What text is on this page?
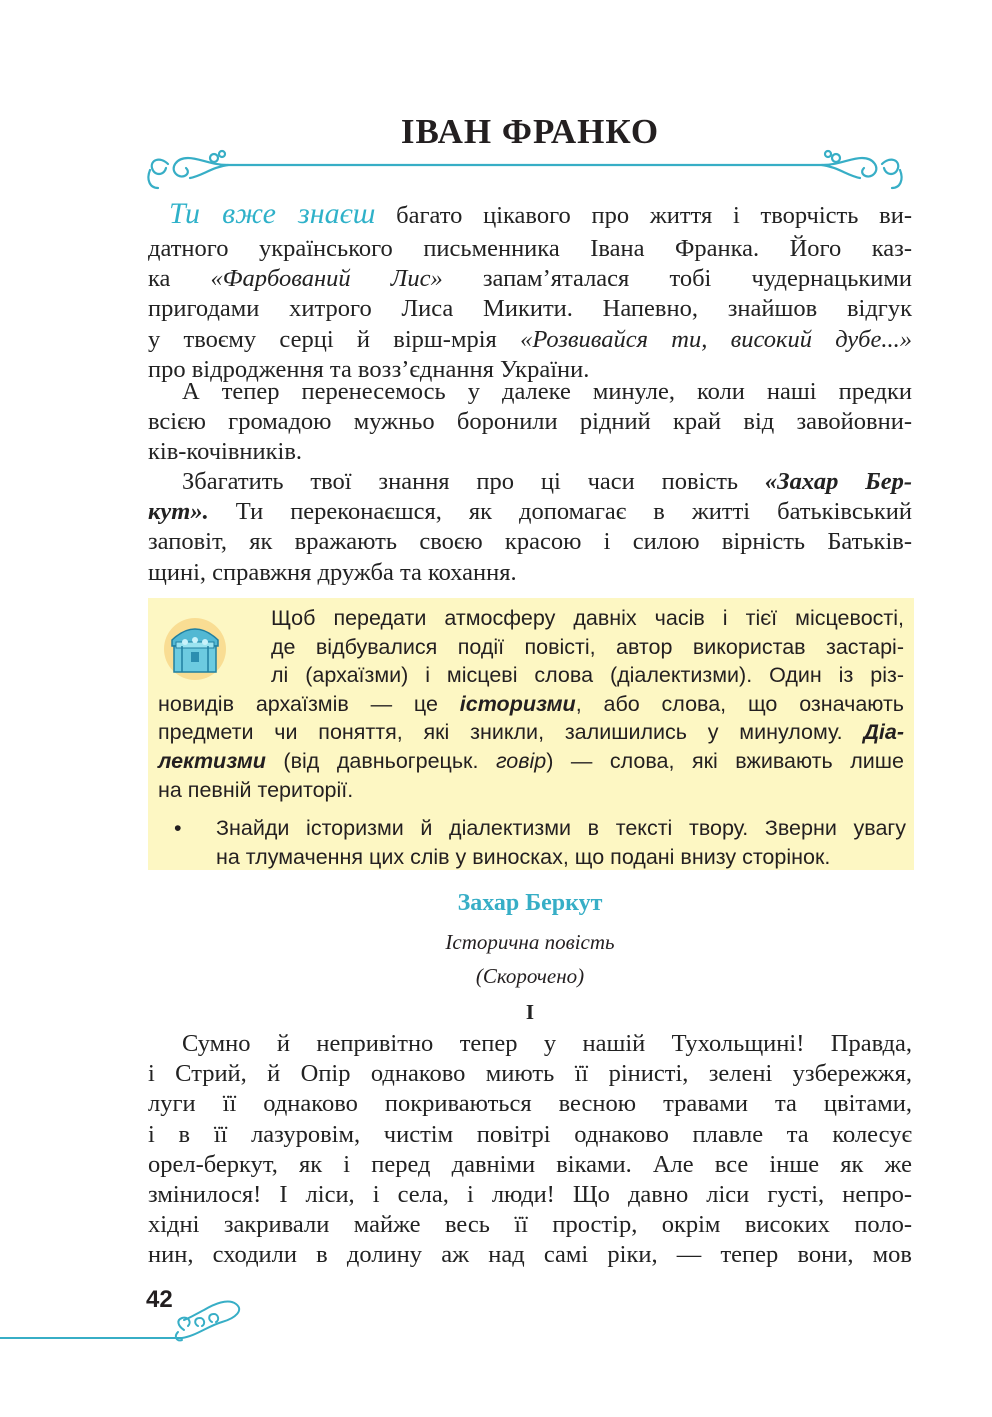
ІВАН ФРАНКО
Ти вже знаєш багато цікавого про життя і творчість ви-
датного українського письменника Івана Франка. Його каз-
ка «Фарбований Лис» запам’яталася тобі чудернацькими
пригодами хитрого Лиса Микити. Напевно, знайшов відгук
у твоєму серці й вірш-мрія «Розвивайся ти, високий дубе...»
про відродження та возз’єднання України.
А тепер перенесемось у далеке минуле, коли наші предки
всією громадою мужньо боронили рідний край від завойовни-
ків-кочівників.
Збагатить твої знання про ці часи повість «Захар Бер-
кут». Ти переконаєшся, як допомагає в житті батьківський
заповіт, як вражають своєю красою і силою вірність Батьків-
щині, справжня дружба та кохання.
Щоб передати атмосферу давніх часів і тієї місцевості,
де відбувалися події повісті, автор використав застарі-
лі (архаїзми) і місцеві слова (діалектизми). Один із різ-
новидів архаїзмів — це історизми, або слова, що означають
предмети чи поняття, які зникли, залишились у минулому. Діа-
лектизми (від давньогрецьк. говір) — слова, які вживають лише
на певній території.
•	Знайди історизми й діалектизми в тексті твору. Зверни увагу
на тлумачення цих слів у виносках, що подані внизу сторінок.
Захар Беркут
Історична повість
(Скорочено)
І
Сумно й непривітно тепер у нашій Тухольщині! Правда,
і Стрий, й Опір однаково миють її рінисті, зелені узбережжя,
луги її однаково покриваються весною травами та цвітами,
і в її лазуровім, чистім повітрі однаково плавле та колесує
орел-беркут, як і перед давніми віками. Але все інше як же
змінилося! І ліси, і села, і люди! Що давно ліси густі, непро-
хідні закривали майже весь її простір, окрім високих поло-
нин, сходили в долину аж над самі ріки, — тепер вони, мов
42
